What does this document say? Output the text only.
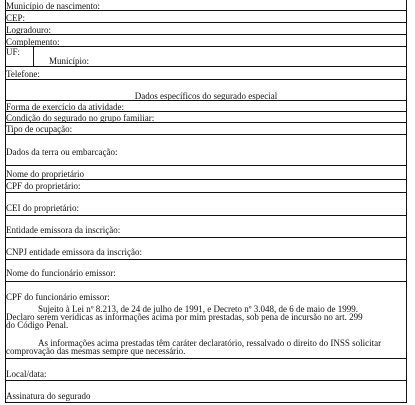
Município de nascimento:
CEP:
Logradouro:
Complemento:
UF:
Município:
Telefone:
Dados específicos do segurado especial
Forma de exercício da atividade:
Condição do segurado no grupo familiar:
Tipo de ocupação:
Dados da terra ou embarcação:
Nome do proprietário
CPF do proprietário:
CEI do proprietário:
Entidade emissora da inscrição:
CNPJ entidade emissora da inscrição:
Nome do funcionário emissor:
CPF do funcionário emissor:
Sujeito à Lei nº 8.213, de 24 de julho de 1991, e Decreto nº 3.048, de 6 de maio de 1999.
Declaro serem verídicas as informações acima por mim prestadas, sob pena de incursão no art. 299
do Código Penal.
As informações acima prestadas têm caráter declaratório, ressalvado o direito do INSS solicitar
comprovação das mesmas sempre que necessário.
Local/data:
Assinatura do segurado
